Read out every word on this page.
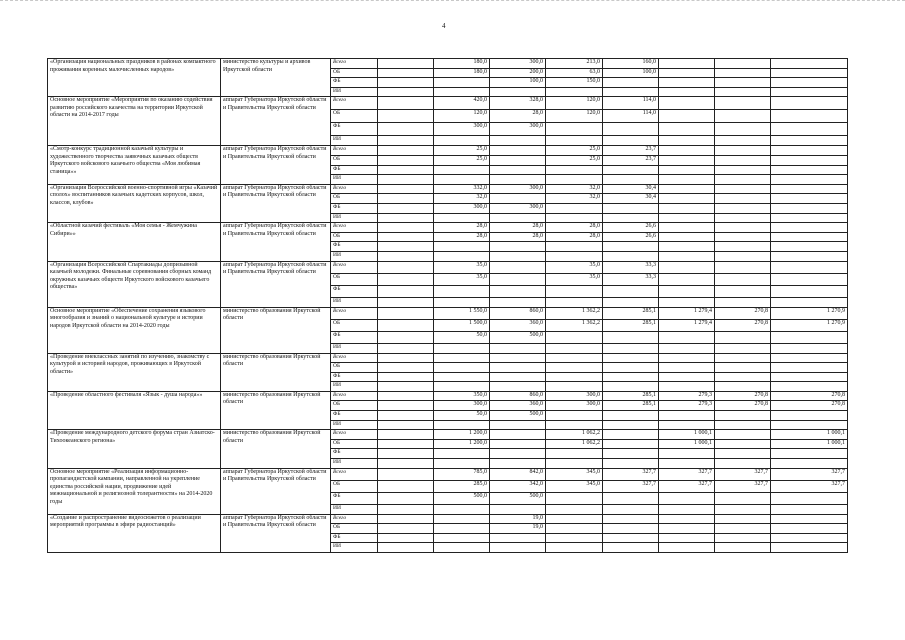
4
«Организация национальных праздников в районах компактного проживания коренных малочисленных народов»	министерство культуры и архивов Иркутской области	Всего		180,0	300,0	213,0	160,0			
		ОБ		180,0	200,0	63,0	100,0			
		ФБ			100,0	150,0				
		ИИ								
Основное мероприятие «Мероприятия по оказанию содействия развитию российского казачества на территории Иркутской области на 2014-2017 годы	аппарат Губернатора Иркутской области и Правительства Иркутской области	Всего		420,0	328,0	120,0	114,0			
		ОБ		120,0	28,0	120,0	114,0			
		ФБ		300,0	300,0					
		ИИ								
«Смотр-конкурс традиционной казачьей культуры и художественного творчества заявочных казачьих обществ Иркутского войскового казачьего общества «Моя любимая станица»»	аппарат Губернатора Иркутской области и Правительства Иркутской области	Всего		25,0		25,0	23,7			
		ОБ		25,0		25,0	23,7			
		ФБ								
		ИИ								
«Организация Всероссийской военно-спортивной игры «Казачий сполох» воспитанников казачьих кадетских корпусов, школ, классов, клубов»	аппарат Губернатора Иркутской области и Правительства Иркутской области	Всего		332,0	300,0	32,0	30,4			
		ОБ		32,0		32,0	30,4			
		ФБ		300,0	300,0					
		ИИ								
«Областной казачий фестиваль «Моя семья - Жемчужина Сибири»»	аппарат Губернатора Иркутской области и Правительства Иркутской области	Всего		28,0	28,0	28,0	26,6			
		ОБ		28,0	28,0	28,0	26,6			
		ФБ								
		ИИ								
«Организация Всероссийской Спартакиады допризывной казачьей молодежи. Финальные соревнования сборных команд окружных казачьих обществ Иркутского войскового казачьего общества»	аппарат Губернатора Иркутской области и Правительства Иркутской области	Всего		35,0		35,0	33,3			
		ОБ		35,0		35,0	33,3			
		ФБ								
		ИИ								
Основное мероприятие «Обеспечение сохранения языкового многообразия и знаний о национальной культуре и истории народов Иркутской области на 2014-2020 годы	министерство образования Иркутской области	Всего		1 550,0	860,0	1 362,2	285,1	1 279,4	270,8	1 270,9
		ОБ		1 500,0	360,0	1 362,2	285,1	1 279,4	270,8	1 270,9
		ФБ		50,0	500,0					
		ИИ								
«Проведение внеклассных занятий по изучению, знакомству с культурой и историей народов, проживающих в Иркутской области»	министерство образования Иркутской области	Всего								
		ОБ								
		ФБ								
		ИИ								
«Проведение областного фестиваля «Язык - душа народа»»	министерство образования Иркутской области	Всего		350,0	860,0	300,0	285,1	279,3	270,8	270,8
		ОБ		300,0	360,0	300,0	285,1	279,3	270,8	270,8
		ФБ		50,0	500,0					
		ИИ								
«Проведение международного детского форума стран Азиатско-Тихоокеанского региона»	министерство образования Иркутской области	Всего		1 200,0		1 062,2		1 000,1		1 000,1
		ОБ		1 200,0		1 062,2		1 000,1		1 000,1
		ФБ								
		ИИ								
Основное мероприятие «Реализация информационно-пропагандистской кампании, направленной на укрепление единства российской нации, продвижение идей межнациональной и религиозной толерантности» на 2014-2020 годы	аппарат Губернатора Иркутской области и Правительства Иркутской области	Всего		785,0	842,0	345,0	327,7	327,7	327,7	327,7
		ОБ		285,0	342,0	345,0	327,7	327,7	327,7	327,7
		ФБ		500,0	500,0					
		ИИ								
«Создание и распространение видеосюжетов о реализации мероприятий программы в эфире радиостанций»	аппарат Губернатора Иркутской области и Правительства Иркутской области	Всего			19,0					
		ОБ			19,0					
		ФБ								
		ИИ								
